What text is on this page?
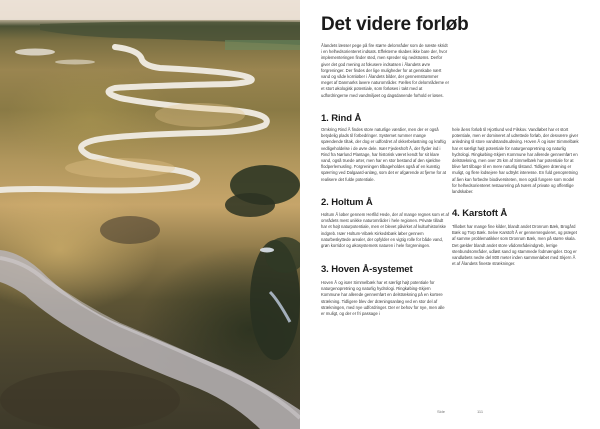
Det videre forløb

Ålandets læsser pege på fire større delområder som de næste skridt i en helhedsorienteret indsats. Effekterne skabes ikke bare der, hvor implementeringen finder sted, men spreder sig nedstrøms. Derfor giver det god mening at fokusere indsatsen i Ålandets øvre forgreninger. Der findes der lige muligheder for at genskabe nært vand og våde kornløber i Ålandets bilder, der gennemstrømmer meget af Danmarks lavere naturområder. Fælles for delområderne er et stort økologisk potentiale, som forløses i takt med at udfordringerne med vandmiljøet og dagsdanende forhold er løses.

1. Rind Å

Omkring Rind Å findes store naturlige værdier, men der er også betydelig plads til forbedringer. Systemet rummer mange spændende tiltak, der dog er udfordret af okkerbelastning og kraftig vedligeholdelse i de øvre dele. Især Fjedeshoft Å, der flyder ind i Rind fra Nørlund Plantage, har historisk været kendt for sit klare vand, også truede arter, men har en stor bestand af den sjældne flodperlemusling. Forgreningen tilbageholdes også af en kunstig spærring ved Dalgaard-anlæg, som det er afgørende at fjerne for at realisere det fulde potentiale.

2. Holtum Å

Holtum Å løber gennem Herfild Hede, der af mange regnes som et af områdets mest unikke naturområder i hele regionen. Private tilladt har et højt naturpotentiale, men er blevet påvirket af kulturhistoriske indgreb. Især Holtum-Vibæk Kirkedsbæk løber gennem naturbeskyttede arealer, der opfylder en vigtig rolle for både vand, grøn korridor og økosystemets naturen i hele forgreningen.

3. Hoven Å-systemet

Hoven Å og især Simmelbæk har et særligt højt potentiale for naturgenopretning og naturlig hydrologi. Ringkøbing-Skjern Kommune har allerede gennemført en delstrækning på en kortere strækning. Tidligere blev der dræningsanlæg ved en stor del af strækningen, med nye udfordringer. Der er behov for nye, men alle er muligt, og der er fri passage i

hele åens forløb til Hjortlund ved Filskov. Vandløbet har et stort potentiale, men er domineret af udrettede forløb, der desværre giver anledning til store vandstandsudsving. Hoven Å og især Simmelbæk har et særligt højt potentiale for naturgenopretning og naturlig hydrologi. Ringkøbing-Skjern Kommune har allerede gennemført en delstrækning, men over 25 km af Simmelbæk har potentiale for at blive ført tilbage til en mere naturlig tilstand. Tidligere dræning er muligt, og flere lodsejere har udtrykt interesse. En fuld genopretning af åen kan forbedre biodiversiteten, men også fungere som model for helhedsorienteret restaurering på tværs af private og offentlige landskaber.

4. Karstoft Å

Tilløbet har mange fine kilder, blandt andet Dronrum Bæk, Brogård Bæk og Torp Bæk. Selve Karstoft Å er gennemreguleret, og præget af samme problematikker som Dronrum Bæk, men på større skala. Det gælder blandt andet store vådområdeindgreb, lerrige stenbundsområder, udløst sand og stammede fodmængder. Dog er vandløbets nedre del 800 meter inden sammenløbet med Skjern Å et af Ålandets fineste strækninger.

Side	111
